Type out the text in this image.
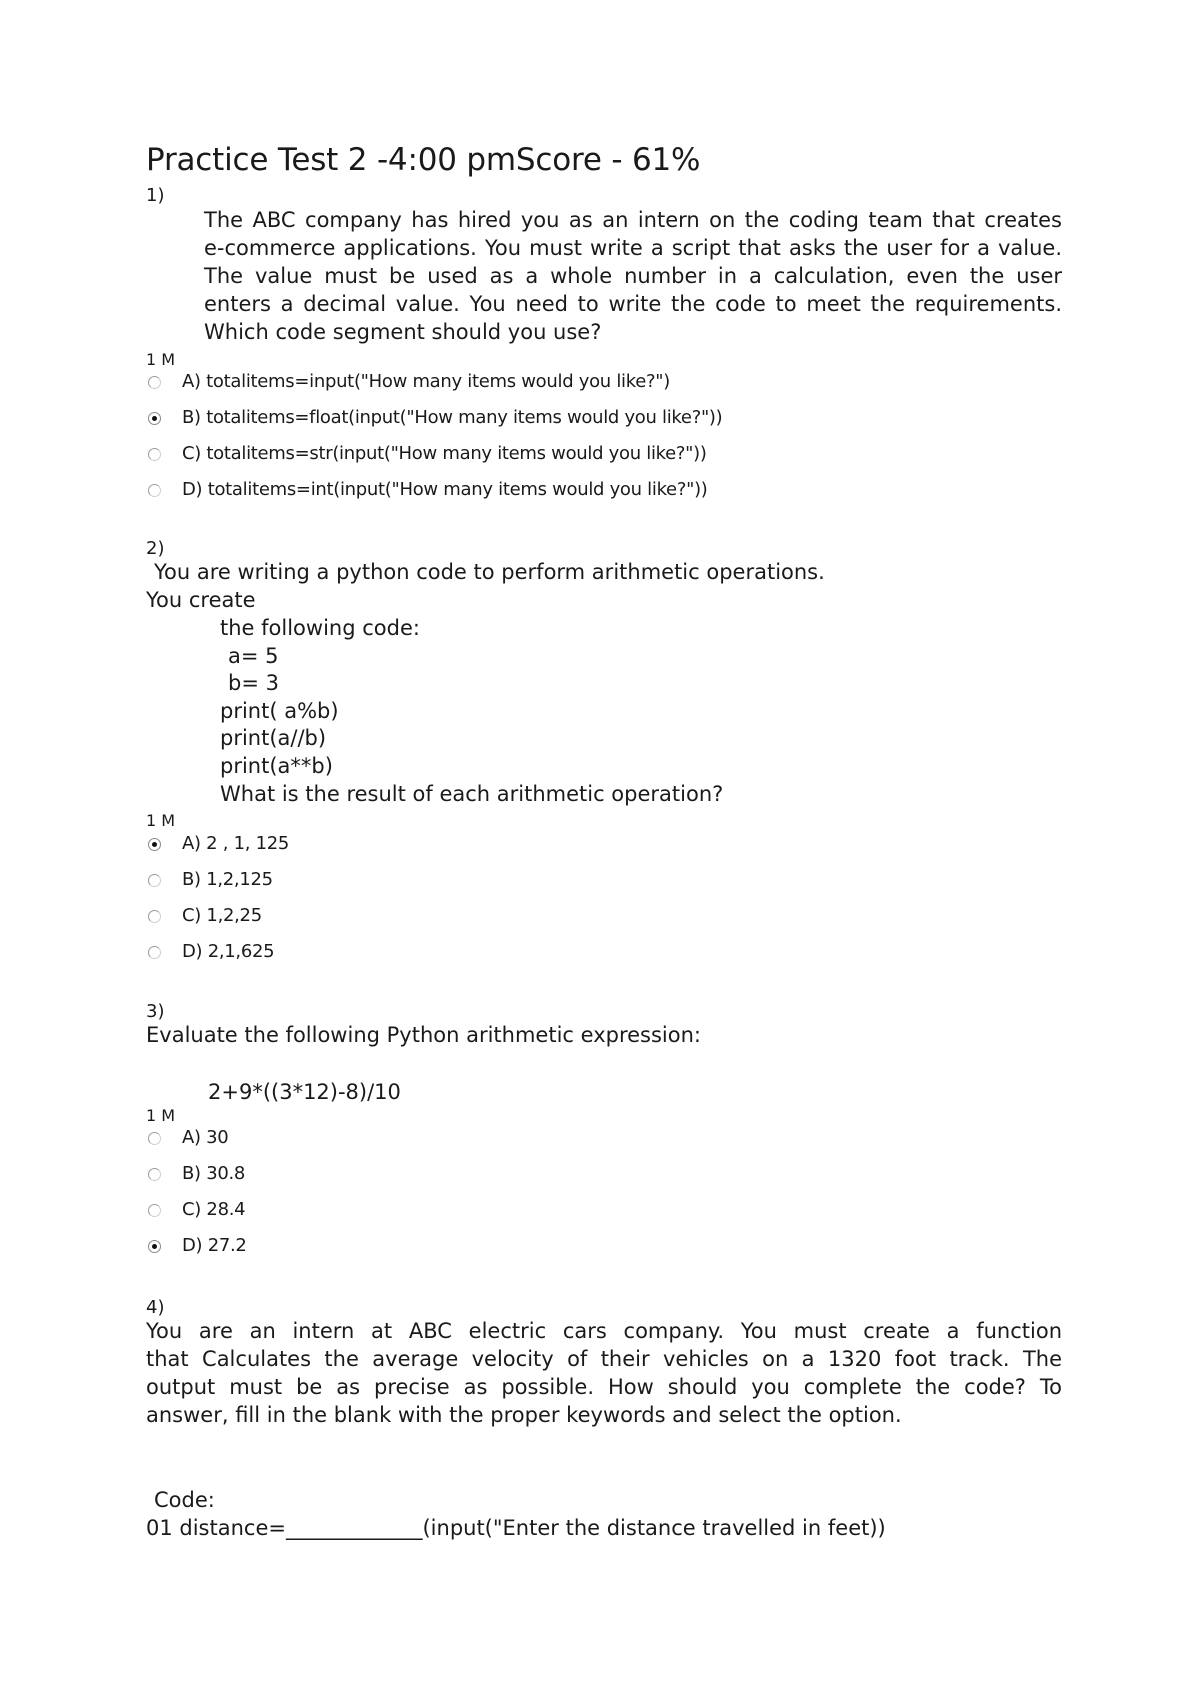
Practice Test 2 -4:00 pmScore - 61%
1)
The ABC company has hired you as an intern on the coding team that creates
e-commerce applications. You must write a script that asks the user for a value.
The value must be used as a whole number in a calculation, even the user
enters a decimal value. You need to write the code to meet the requirements.
Which code segment should you use?
1 M
A) totalitems=input("How many items would you like?")
B) totalitems=float(input("How many items would you like?"))
C) totalitems=str(input("How many items would you like?"))
D) totalitems=int(input("How many items would you like?"))
2)
You are writing a python code to perform arithmetic operations.
You create
the following code:
a= 5
b= 3
print( a%b)
print(a//b)
print(a**b)
What is the result of each arithmetic operation?
1 M
A) 2 , 1, 125
B) 1,2,125
C) 1,2,25
D) 2,1,625
3)
Evaluate the following Python arithmetic expression:
2+9*((3*12)-8)/10
1 M
A) 30
B) 30.8
C) 28.4
D) 27.2
4)
You are an intern at ABC electric cars company. You must create a function
that Calculates the average velocity of their vehicles on a 1320 foot track. The
output must be as precise as possible. How should you complete the code? To
answer, fill in the blank with the proper keywords and select the option.
Code:
01 distance=_____________(input("Enter the distance travelled in feet))
